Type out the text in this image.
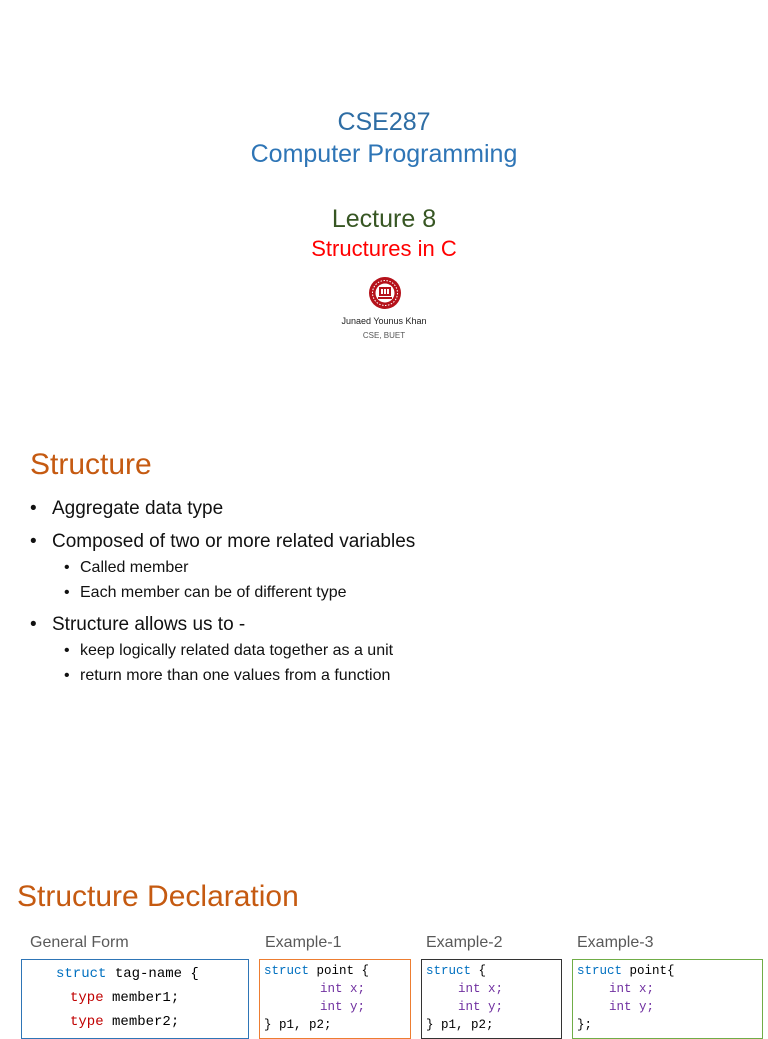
CSE287
Computer Programming
Lecture 8
Structures in C
Junaed Younus Khan
CSE, BUET
Structure
• Aggregate data type
• Composed of two or more related variables
• Called member
• Each member can be of different type
• Structure allows us to -
• keep logically related data together as a unit
• return more than one values from a function
Structure Declaration
General Form
struct tag-name {
type member1;
type member2;
Example-1
struct point {
int x;
int y;
} p1, p2;
Example-2
struct {
int x;
int y;
} p1, p2;
Example-3
struct point{
int x;
int y;
};
